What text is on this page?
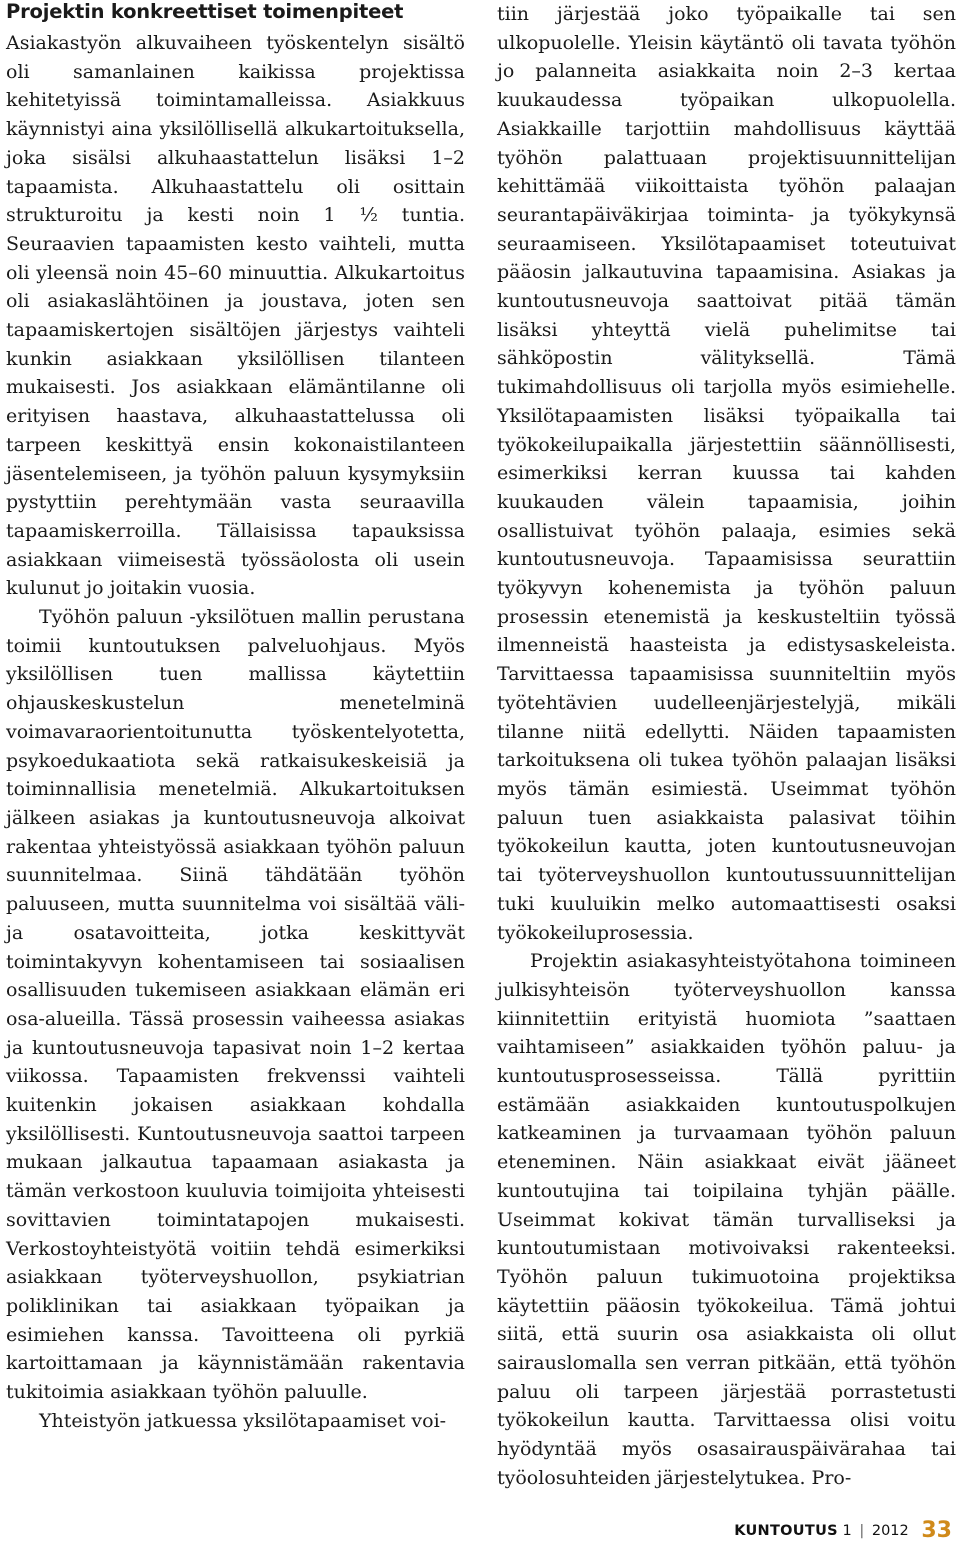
Projektin konkreettiset toimenpiteet

Asiakastyön alkuvaiheen työskentelyn sisältö oli samanlainen kaikissa projektissa kehitetyissä toimintamalleissa. Asiakkuus käynnistyi aina yksilöllisellä alkukartoituksella, joka sisälsi alkuhaastattelun lisäksi 1–2 tapaamista. Alkuhaastattelu oli osittain strukturoitu ja kesti noin 1 ½ tuntia. Seuraavien tapaamisten kesto vaihteli, mutta oli yleensä noin 45–60 minuuttia. Alkukartoitus oli asiakaslähtöinen ja joustava, joten sen tapaamiskertojen sisältöjen järjestys vaihteli kunkin asiakkaan yksilöllisen tilanteen mukaisesti. Jos asiakkaan elämäntilanne oli erityisen haastava, alkuhaastattelussa oli tarpeen keskittyä ensin kokonaistilanteen jäsentelemiseen, ja työhön paluun kysymyksiin pystyttiin perehtymään vasta seuraavilla tapaamiskerroilla. Tällaisissa tapauksissa asiakkaan viimeisestä työssäolosta oli usein kulunut jo joitakin vuosia.

Työhön paluun -yksilötuen mallin perustana toimii kuntoutuksen palveluohjaus. Myös yksilöllisen tuen mallissa käytettiin ohjauskeskustelun menetelminä voimavaraorientoitunutta työskentelyotetta, psykoedukaatiota sekä ratkaisukeskeisiä ja toiminnallisia menetelmiä. Alkukartoituksen jälkeen asiakas ja kuntoutusneuvoja alkoivat rakentaa yhteistyössä asiakkaan työhön paluun suunnitelmaa. Siinä tähdätään työhön paluuseen, mutta suunnitelma voi sisältää väli- ja osatavoitteita, jotka keskittyvät toimintakyvyn kohentamiseen tai sosiaalisen osallisuuden tukemiseen asiakkaan elämän eri osa-alueilla. Tässä prosessin vaiheessa asiakas ja kuntoutusneuvoja tapasivat noin 1–2 kertaa viikossa. Tapaamisten frekvenssi vaihteli kuitenkin jokaisen asiakkaan kohdalla yksilöllisesti. Kuntoutusneuvoja saattoi tarpeen mukaan jalkautua tapaamaan asiakasta ja tämän verkostoon kuuluvia toimijoita yhteisesti sovittavien toimintatapojen mukaisesti. Verkostoyhteistyötä voitiin tehdä esimerkiksi asiakkaan työterveyshuollon, psykiatrian poliklinikan tai asiakkaan työpaikan ja esimiehen kanssa. Tavoitteena oli pyrkiä kartoittamaan ja käynnistämään rakentavia tukitoimia asiakkaan työhön paluulle.

Yhteistyön jatkuessa yksilötapaamiset voi-

tiin järjestää joko työpaikalle tai sen ulkopuolelle. Yleisin käytäntö oli tavata työhön jo palanneita asiakkaita noin 2–3 kertaa kuukaudessa työpaikan ulkopuolella. Asiakkaille tarjottiin mahdollisuus käyttää työhön palattuaan projektisuunnittelijan kehittämää viikoittaista työhön palaajan seurantapäiväkirjaa toiminta- ja työkykynsä seuraamiseen. Yksilötapaamiset toteutuivat pääosin jalkautuvina tapaamisina. Asiakas ja kuntoutusneuvoja saattoivat pitää tämän lisäksi yhteyttä vielä puhelimitse tai sähköpostin välityksellä. Tämä tukimahdollisuus oli tarjolla myös esimiehelle. Yksilötapaamisten lisäksi työpaikalla tai työkokeilupaikalla järjestettiin säännöllisesti, esimerkiksi kerran kuussa tai kahden kuukauden välein tapaamisia, joihin osallistuivat työhön palaaja, esimies sekä kuntoutusneuvoja. Tapaamisissa seurattiin työkyvyn kohenemista ja työhön paluun prosessin etenemistä ja keskusteltiin työssä ilmenneistä haasteista ja edistysaskeleista. Tarvittaessa tapaamisissa suunniteltiin myös työtehtävien uudelleenjärjestelyjä, mikäli tilanne niitä edellytti. Näiden tapaamisten tarkoituksena oli tukea työhön palaajan lisäksi myös tämän esimiestä. Useimmat työhön paluun tuen asiakkaista palasivat töihin työkokeilun kautta, joten kuntoutusneuvojan tai työterveyshuollon kuntoutussuunnittelijan tuki kuuluikin melko automaattisesti osaksi työkokeiluprosessia.

Projektin asiakasyhteistyötahona toimineen julkisyhteisön työterveyshuollon kanssa kiinnitettiin erityistä huomiota ”saattaen vaihtamiseen” asiakkaiden työhön paluu- ja kuntoutusprosesseissa. Tällä pyrittiin estämään asiakkaiden kuntoutuspolkujen katkeaminen ja turvaamaan työhön paluun eteneminen. Näin asiakkaat eivät jääneet kuntoutujina tai toipilaina tyhjän päälle. Useimmat kokivat tämän turvalliseksi ja kuntoutumistaan motivoivaksi rakenteeksi. Työhön paluun tukimuotoina projektiksa käytettiin pääosin työkokeilua. Tämä johtui siitä, että suurin osa asiakkaista oli ollut sairauslomalla sen verran pitkään, että työhön paluu oli tarpeen järjestää porrastetusti työkokeilun kautta. Tarvittaessa olisi voitu hyödyntää myös osasairauspäivärahaa tai työolosuhteiden järjestelytukea. Pro-

KUNTOUTUS 1 | 2012 33
